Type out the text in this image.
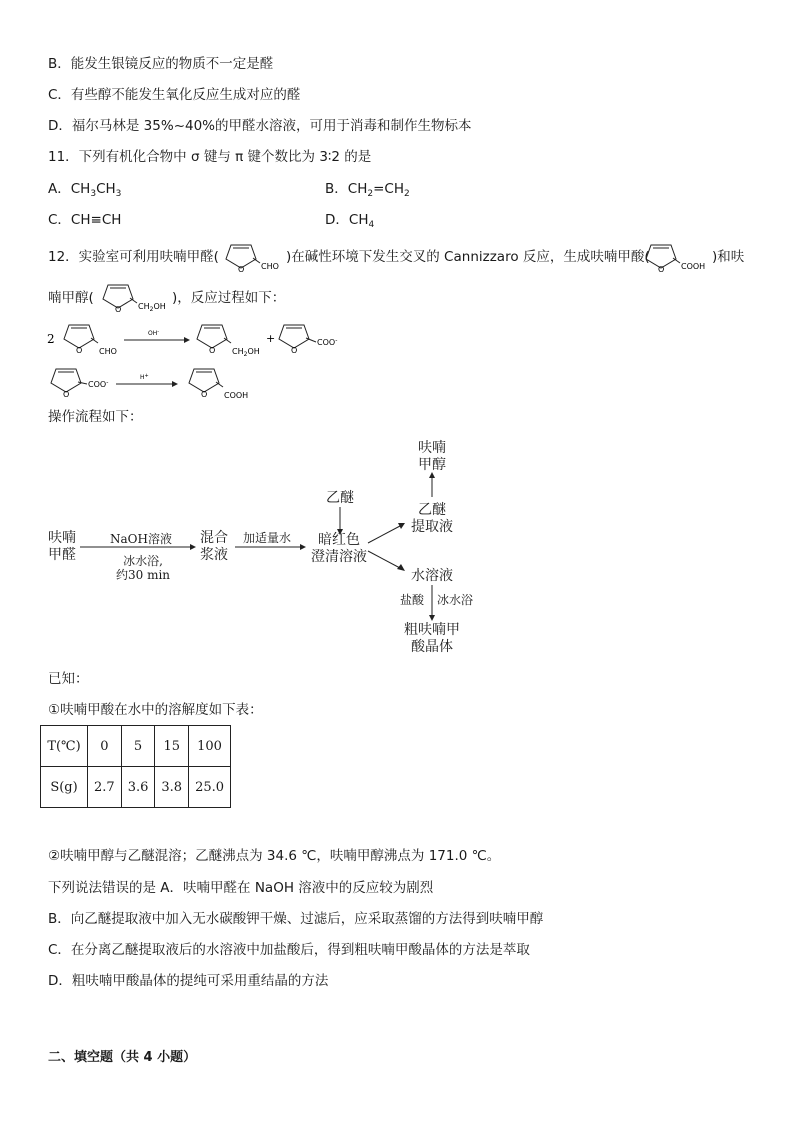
B．能发生银镜反应的物质不一定是醛
C．有些醇不能发生氧化反应生成对应的醛
D．福尔马林是 35%~40%的甲醛水溶液，可用于消毒和制作生物标本
11．下列有机化合物中 σ 键与 π 键个数比为 3∶2 的是
A．$CH_3CH_3$	B．$CH_2=CH_2$
C．CH≡CH	D．$CH_4$
12．实验室可利用呋喃甲醛(
O CHO
)在碱性环境下发生交叉的 Cannizzaro 反应，生成呋喃甲酸(
O COOH
)和呋
喃甲醇(
O $CH_2OH$
)，反应过程如下：
2
O CHO
OH-
O $CH_2OH$
+
O
COO-
O
COO-
H+
O COOH
操作流程如下：
呋喃
甲醛
NaOH溶液
冰水浴,
约30 min
混合
浆液
加适量水
乙醚
暗红色
澄清溶液
乙醚
提取液
呋喃
甲醇
水溶液
盐酸 冰水浴
粗呋喃甲
酸晶体
已知：
①呋喃甲酸在水中的溶解度如下表：
T(℃)	0	5	15	100
S(g)	2.7	3.6	3.8	25.0
②呋喃甲醇与乙醚混溶；乙醚沸点为 34.6 ℃，呋喃甲醇沸点为 171.0 ℃。
下列说法错误的是 A．呋喃甲醛在 NaOH 溶液中的反应较为剧烈
B．向乙醚提取液中加入无水碳酸钾干燥、过滤后，应采取蒸馏的方法得到呋喃甲醇
C．在分离乙醚提取液后的水溶液中加盐酸后，得到粗呋喃甲酸晶体的方法是萃取
D．粗呋喃甲酸晶体的提纯可采用重结晶的方法
二、填空题（共 4 小题）
